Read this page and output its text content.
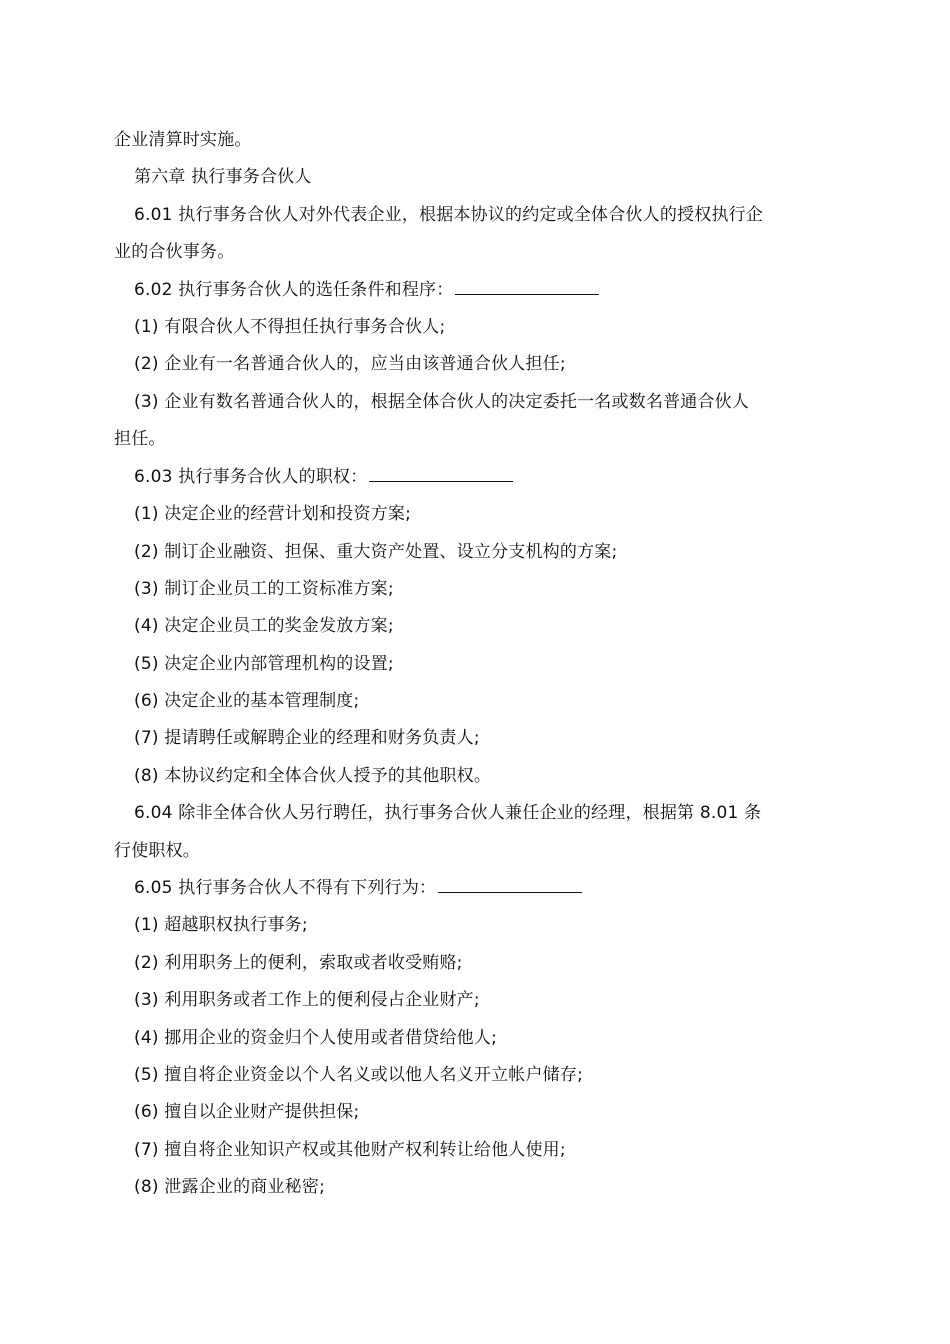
企业清算时实施。
第六章 执行事务合伙人
6.01 执行事务合伙人对外代表企业，根据本协议的约定或全体合伙人的授权执行企
业的合伙事务。
6.02 执行事务合伙人的选任条件和程序：
(1) 有限合伙人不得担任执行事务合伙人;
(2) 企业有一名普通合伙人的，应当由该普通合伙人担任;
(3) 企业有数名普通合伙人的，根据全体合伙人的决定委托一名或数名普通合伙人
担任。
6.03 执行事务合伙人的职权：
(1) 决定企业的经营计划和投资方案;
(2) 制订企业融资、担保、重大资产处置、设立分支机构的方案;
(3) 制订企业员工的工资标准方案;
(4) 决定企业员工的奖金发放方案;
(5) 决定企业内部管理机构的设置;
(6) 决定企业的基本管理制度;
(7) 提请聘任或解聘企业的经理和财务负责人;
(8) 本协议约定和全体合伙人授予的其他职权。
6.04 除非全体合伙人另行聘任，执行事务合伙人兼任企业的经理，根据第 8.01 条
行使职权。
6.05 执行事务合伙人不得有下列行为：
(1) 超越职权执行事务;
(2) 利用职务上的便利，索取或者收受贿赂;
(3) 利用职务或者工作上的便利侵占企业财产;
(4) 挪用企业的资金归个人使用或者借贷给他人;
(5) 擅自将企业资金以个人名义或以他人名义开立帐户储存;
(6) 擅自以企业财产提供担保;
(7) 擅自将企业知识产权或其他财产权利转让给他人使用;
(8) 泄露企业的商业秘密;
